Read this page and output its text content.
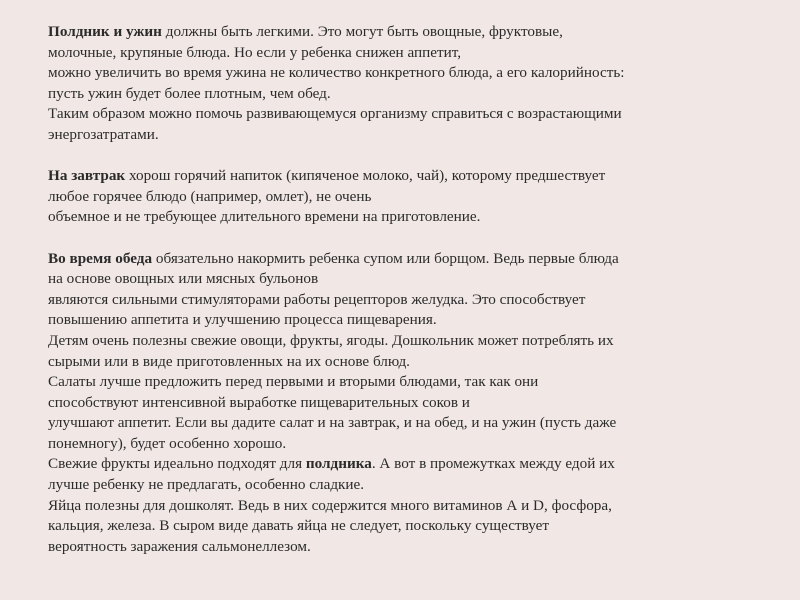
Полдник и ужин должны быть легкими. Это могут быть овощные, фруктовые,
молочные, крупяные блюда. Но если у ребенка снижен аппетит,
можно увеличить во время ужина не количество конкретного блюда, а его калорийность:
пусть ужин будет более плотным, чем обед.
Таким образом можно помочь развивающемуся организму справиться с возрастающими
энергозатратами.

На завтрак хорош горячий напиток (кипяченое молоко, чай), которому предшествует
любое горячее блюдо (например, омлет), не очень
объемное и не требующее длительного времени на приготовление.

Во время обеда обязательно накормить ребенка супом или борщом. Ведь первые блюда
на основе овощных или мясных бульонов
являются сильными стимуляторами работы рецепторов желудка. Это способствует
повышению аппетита и улучшению процесса пищеварения.
Детям очень полезны свежие овощи, фрукты, ягоды. Дошкольник может потреблять их
сырыми или в виде приготовленных на их основе блюд.
Салаты лучше предложить перед первыми и вторыми блюдами, так как они
способствуют интенсивной выработке пищеварительных соков и
улучшают аппетит. Если вы дадите салат и на завтрак, и на обед, и на ужин (пусть даже
понемногу), будет особенно хорошо.
Свежие фрукты идеально подходят для полдника. А вот в промежутках между едой их
лучше ребенку не предлагать, особенно сладкие.
Яйца полезны для дошколят. Ведь в них содержится много витаминов А и D, фосфора,
кальция, железа. В сыром виде давать яйца не следует, поскольку существует
вероятность заражения сальмонеллезом.
